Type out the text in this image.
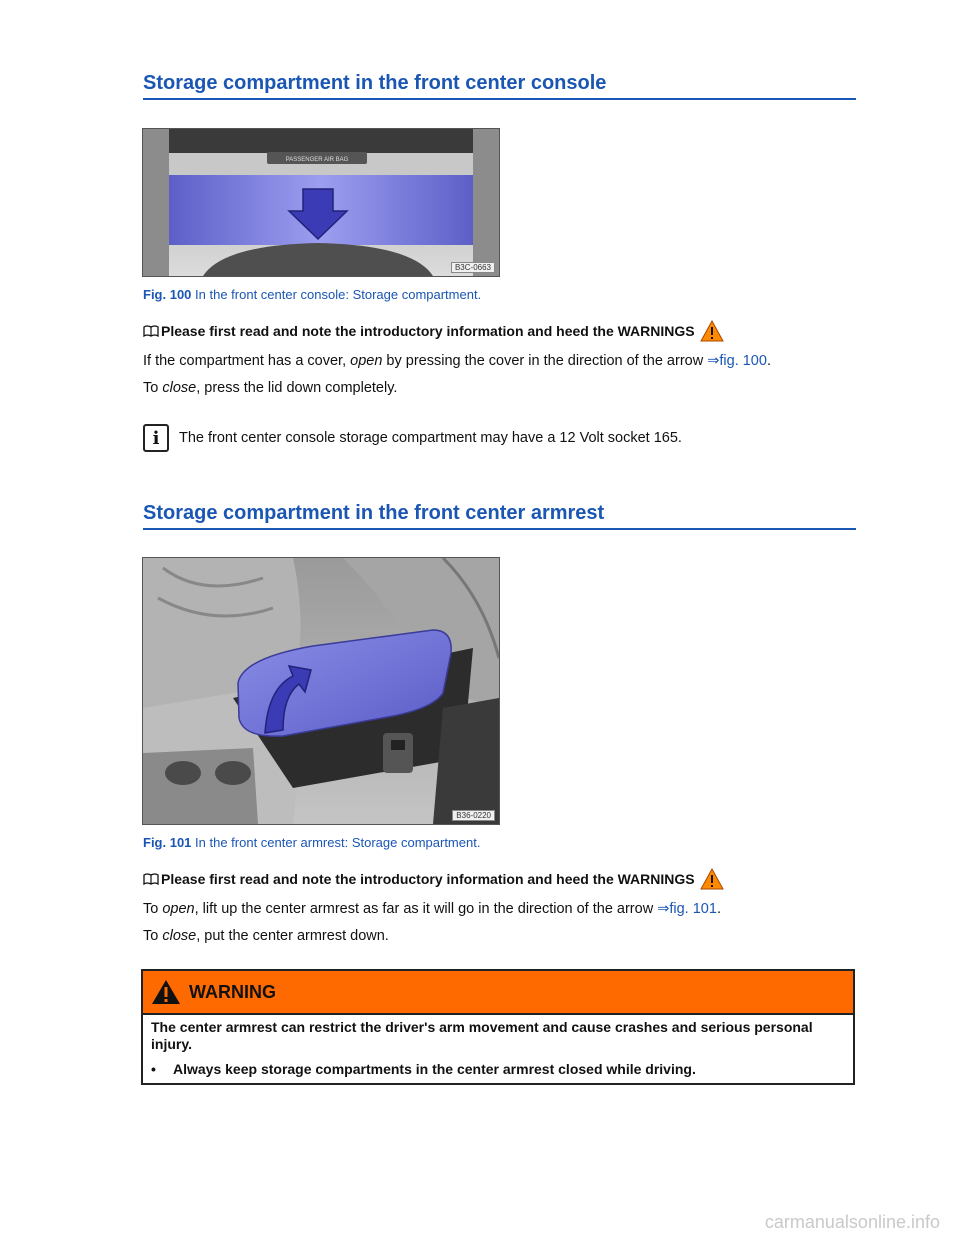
Storage compartment in the front center console
PASSENGER AIR BAG
B3C-0663
Fig. 100 In the front center console: Storage compartment.
Please first read and note the introductory information and heed the WARNINGS
If the compartment has a cover, open by pressing the cover in the direction of the arrow ⇒fig. 100.
To close, press the lid down completely.
i	The front center console storage compartment may have a 12 Volt socket 165.
Storage compartment in the front center armrest
B36-0220
Fig. 101 In the front center armrest: Storage compartment.
Please first read and note the introductory information and heed the WARNINGS
To open, lift up the center armrest as far as it will go in the direction of the arrow ⇒fig. 101.
To close, put the center armrest down.
WARNING

The center armrest can restrict the driver's arm movement and cause crashes and serious personal injury.

•	Always keep storage compartments in the center armrest closed while driving.
carmanualsonline.info
